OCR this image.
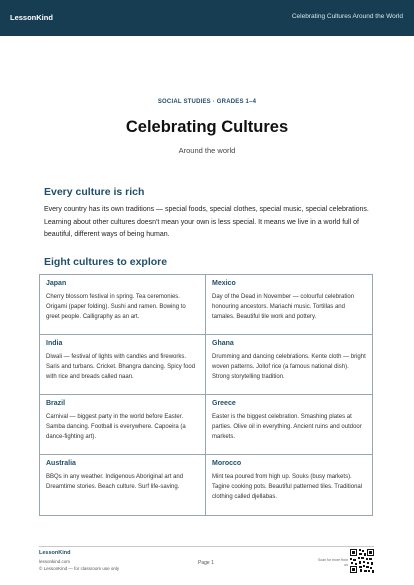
LessonKind	Celebrating Cultures Around the World
SOCIAL STUDIES · GRADES 1–4
Celebrating Cultures
Around the world
Every culture is rich
Every country has its own traditions — special foods, special clothes, special music, special celebrations. Learning about other cultures doesn't mean your own is less special. It means we live in a world full of beautiful, different ways of being human.
Eight cultures to explore
Japan
Cherry blossom festival in spring. Tea ceremonies. Origami (paper folding). Sushi and ramen. Bowing to greet people. Calligraphy as an art.
Mexico
Day of the Dead in November — colourful celebration honouring ancestors. Mariachi music. Tortillas and tamales. Beautiful tile work and pottery.
India
Diwali — festival of lights with candles and fireworks. Saris and turbans. Cricket. Bhangra dancing. Spicy food with rice and breads called naan.
Ghana
Drumming and dancing celebrations. Kente cloth — bright woven patterns. Jollof rice (a famous national dish). Strong storytelling tradition.
Brazil
Carnival — biggest party in the world before Easter. Samba dancing. Football is everywhere. Capoeira (a dance-fighting art).
Greece
Easter is the biggest celebration. Smashing plates at parties. Olive oil in everything. Ancient ruins and outdoor markets.
Australia
BBQs in any weather. Indigenous Aboriginal art and Dreamtime stories. Beach culture. Surf life-saving.
Morocco
Mint tea poured from high up. Souks (busy markets). Tagine cooking pots. Beautiful patterned tiles. Traditional clothing called djellabas.
LessonKind
lessonkind.com
© LessonKind — for classroom use only
Page 1	Scan for more from us
